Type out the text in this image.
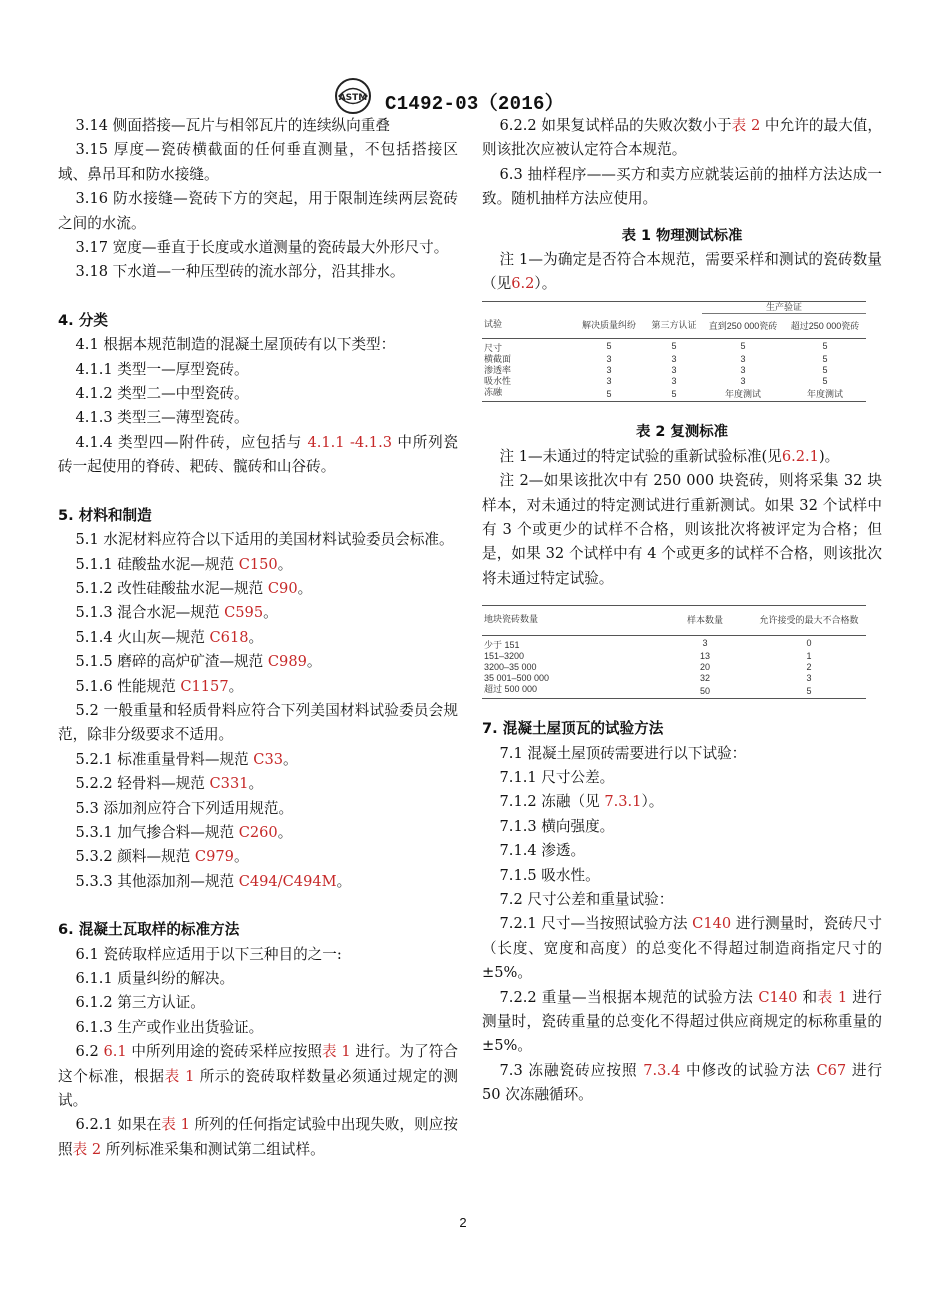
ASTM C1492-03（2016）

3.14 侧面搭接—瓦片与相邻瓦片的连续纵向重叠

3.15 厚度—瓷砖横截面的任何垂直测量，不包括搭接区域、鼻吊耳和防水接缝。

3.16 防水接缝—瓷砖下方的突起，用于限制连续两层瓷砖之间的水流。

3.17 宽度—垂直于长度或水道测量的瓷砖最大外形尺寸。

3.18 下水道—一种压型砖的流水部分，沿其排水。

4. 分类

4.1 根据本规范制造的混凝土屋顶砖有以下类型：

4.1.1 类型一—厚型瓷砖。

4.1.2 类型二—中型瓷砖。

4.1.3 类型三—薄型瓷砖。

4.1.4 类型四—附件砖，应包括与 4.1.1 -4.1.3 中所列瓷砖一起使用的脊砖、耙砖、髋砖和山谷砖。

5. 材料和制造

5.1 水泥材料应符合以下适用的美国材料试验委员会标准。

5.1.1 硅酸盐水泥—规范 C150。

5.1.2 改性硅酸盐水泥—规范 C90。

5.1.3 混合水泥—规范 C595。

5.1.4 火山灰—规范 C618。

5.1.5 磨碎的高炉矿渣—规范 C989。

5.1.6 性能规范 C1157。

5.2 一般重量和轻质骨料应符合下列美国材料试验委员会规范，除非分级要求不适用。

5.2.1 标准重量骨料—规范 C33。

5.2.2 轻骨料—规范 C331。

5.3 添加剂应符合下列适用规范。

5.3.1 加气掺合料—规范 C260。

5.3.2 颜料—规范 C979。

5.3.3 其他添加剂—规范 C494/C494M。

6. 混凝土瓦取样的标准方法

6.1 瓷砖取样应适用于以下三种目的之一:

6.1.1 质量纠纷的解决。

6.1.2 第三方认证。

6.1.3 生产或作业出货验证。

6.2 6.1 中所列用途的瓷砖采样应按照表 1 进行。为了符合这个标准，根据表 1 所示的瓷砖取样数量必须通过规定的测试。

6.2.1 如果在表 1 所列的任何指定试验中出现失败，则应按照表 2 所列标准采集和测试第二组试样。

6.2.2 如果复试样品的失败次数小于表 2 中允许的最大值，则该批次应被认定符合本规范。

6.3 抽样程序——买方和卖方应就装运前的抽样方法达成一致。随机抽样方法应使用。

表 1 物理测试标准

注 1—为确定是否符合本规范，需要采样和测试的瓷砖数量（见6.2）。

			生产验证	
试验	解决质量纠纷	第三方认证	直到250 000瓷砖	超过250 000瓷砖
尺寸	5	5	5	5
横截面	3	3	3	5
渗透率	3	3	3	5
吸水性	3	3	3	5
冻融	5	5	年度测试	年度测试
表 2 复测标准

注 1—未通过的特定试验的重新试验标准(见6.2.1)。

注 2—如果该批次中有 250 000 块瓷砖，则将采集 32 块样本，对未通过的特定测试进行重新测试。如果 32 个试样中有 3 个或更少的试样不合格，则该批次将被评定为合格；但是，如果 32 个试样中有 4 个或更多的试样不合格，则该批次将未通过特定试验。

地块瓷砖数量	样本数量	允许接受的最大不合格数
少于 151	3	0
151–3200	13	1
3200–35 000	20	2
35 001–500 000	32	3
超过 500 000	50	5
7. 混凝土屋顶瓦的试验方法

7.1 混凝土屋顶砖需要进行以下试验：

7.1.1 尺寸公差。

7.1.2 冻融（见 7.3.1）。

7.1.3 横向强度。

7.1.4 渗透。

7.1.5 吸水性。

7.2 尺寸公差和重量试验：

7.2.1 尺寸—当按照试验方法 C140 进行测量时，瓷砖尺寸（长度、宽度和高度）的总变化不得超过制造商指定尺寸的±5%。

7.2.2 重量—当根据本规范的试验方法 C140 和表 1 进行测量时，瓷砖重量的总变化不得超过供应商规定的标称重量的±5%。

7.3 冻融瓷砖应按照 7.3.4 中修改的试验方法 C67 进行 50 次冻融循环。

2
